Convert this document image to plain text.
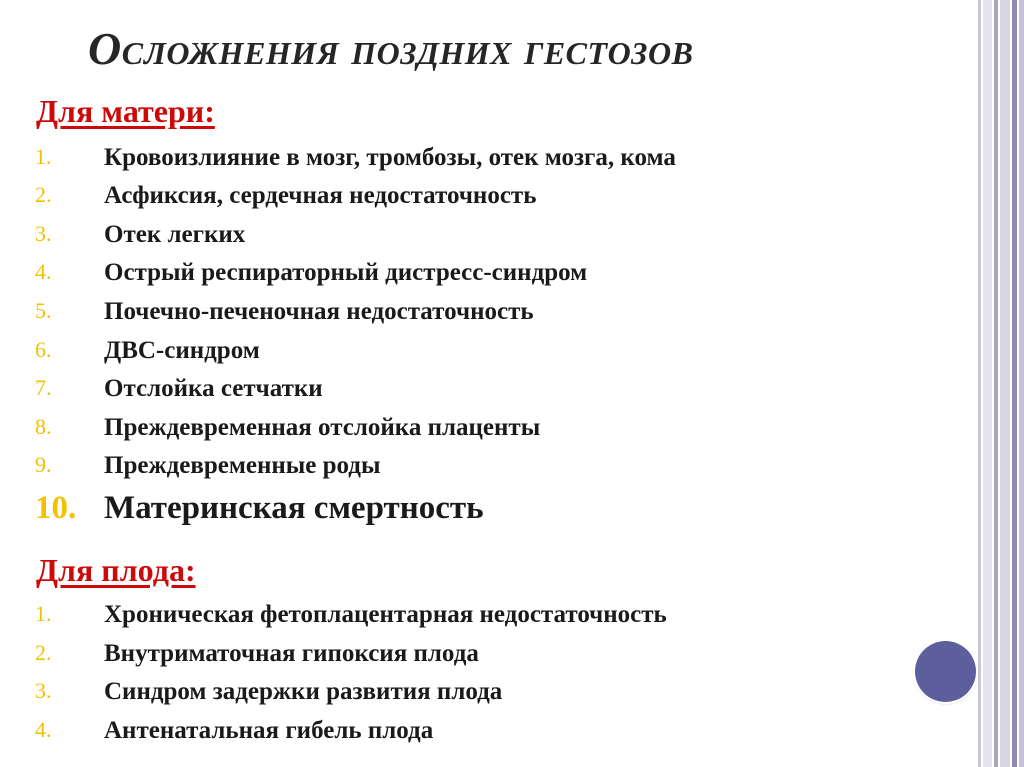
Осложнения поздних гестозов
Для матери:
1. Кровоизлияние в мозг, тромбозы, отек мозга, кома
2. Асфиксия, сердечная недостаточность
3. Отек легких
4. Острый респираторный дистресс-синдром
5. Почечно-печеночная недостаточность
6. ДВС-синдром
7. Отслойка сетчатки
8. Преждевременная отслойка плаценты
9. Преждевременные роды
10. Материнская смертность
Для плода:
1. Хроническая фетоплацентарная недостаточность
2. Внутриматочная гипоксия плода
3. Синдром задержки развития плода
4. Антенатальная гибель плода
